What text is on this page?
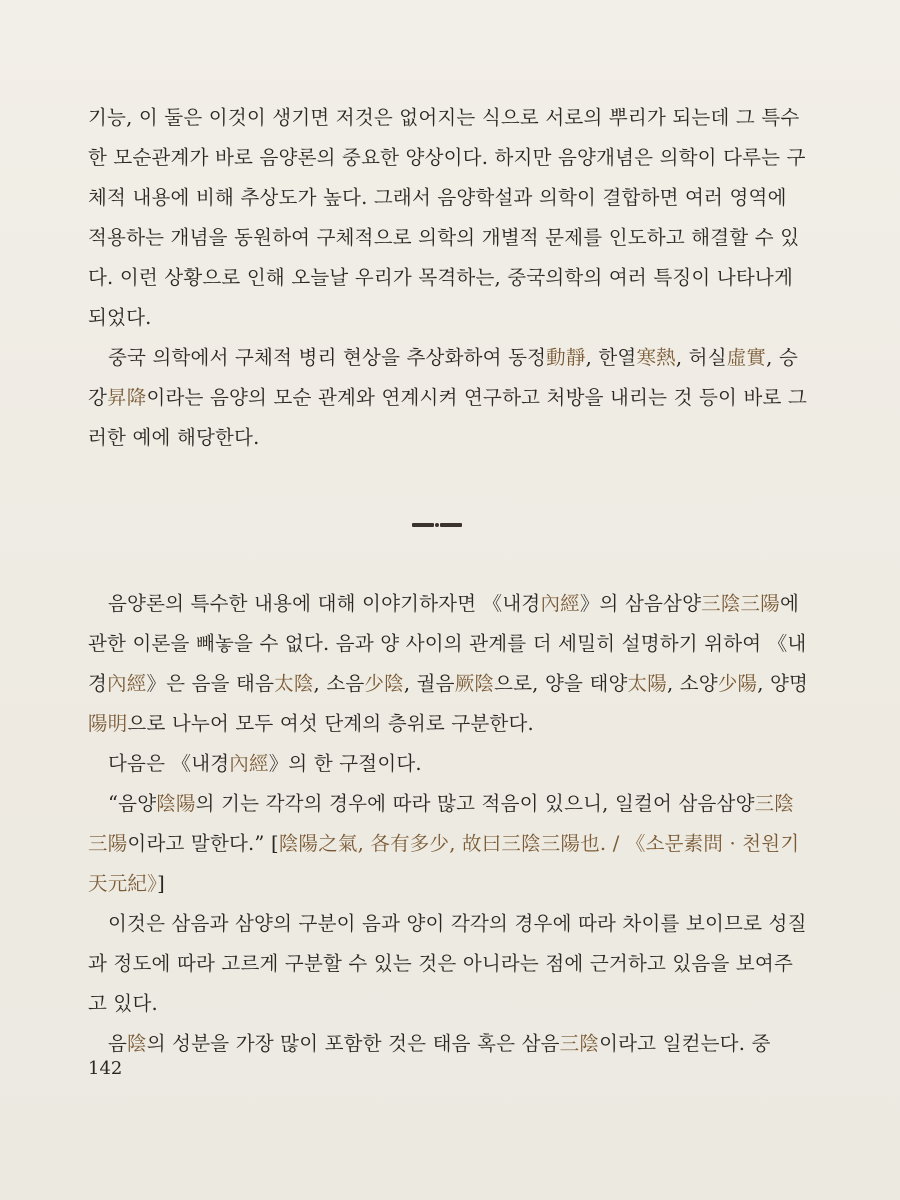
기능, 이 둘은 이것이 생기면 저것은 없어지는 식으로 서로의 뿌리가 되는데 그 특수한 모순관계가 바로 음양론의 중요한 양상이다. 하지만 음양개념은 의학이 다루는 구체적 내용에 비해 추상도가 높다. 그래서 음양학설과 의학이 결합하면 여러 영역에 적용하는 개념을 동원하여 구체적으로 의학의 개별적 문제를 인도하고 해결할 수 있다. 이런 상황으로 인해 오늘날 우리가 목격하는, 중국의학의 여러 특징이 나타나게 되었다.

중국 의학에서 구체적 병리 현상을 추상화하여 동정動靜, 한열寒熱, 허실虛實, 승강昇降이라는 음양의 모순 관계와 연계시켜 연구하고 처방을 내리는 것 등이 바로 그러한 예에 해당한다.

음양론의 특수한 내용에 대해 이야기하자면 《내경內經》의 삼음삼양三陰三陽에 관한 이론을 빼놓을 수 없다. 음과 양 사이의 관계를 더 세밀히 설명하기 위하여 《내경內經》은 음을 태음太陰, 소음少陰, 궐음厥陰으로, 양을 태양太陽, 소양少陽, 양명陽明으로 나누어 모두 여섯 단계의 층위로 구분한다.

다음은 《내경內經》의 한 구절이다.

“음양陰陽의 기는 각각의 경우에 따라 많고 적음이 있으니, 일컬어 삼음삼양三陰三陽이라고 말한다.” [陰陽之氣, 各有多少, 故曰三陰三陽也. / 《소문素問 · 천원기天元紀》]

이것은 삼음과 삼양의 구분이 음과 양이 각각의 경우에 따라 차이를 보이므로 성질과 정도에 따라 고르게 구분할 수 있는 것은 아니라는 점에 근거하고 있음을 보여주고 있다.

음陰의 성분을 가장 많이 포함한 것은 태음 혹은 삼음三陰이라고 일컫는다. 중

142
